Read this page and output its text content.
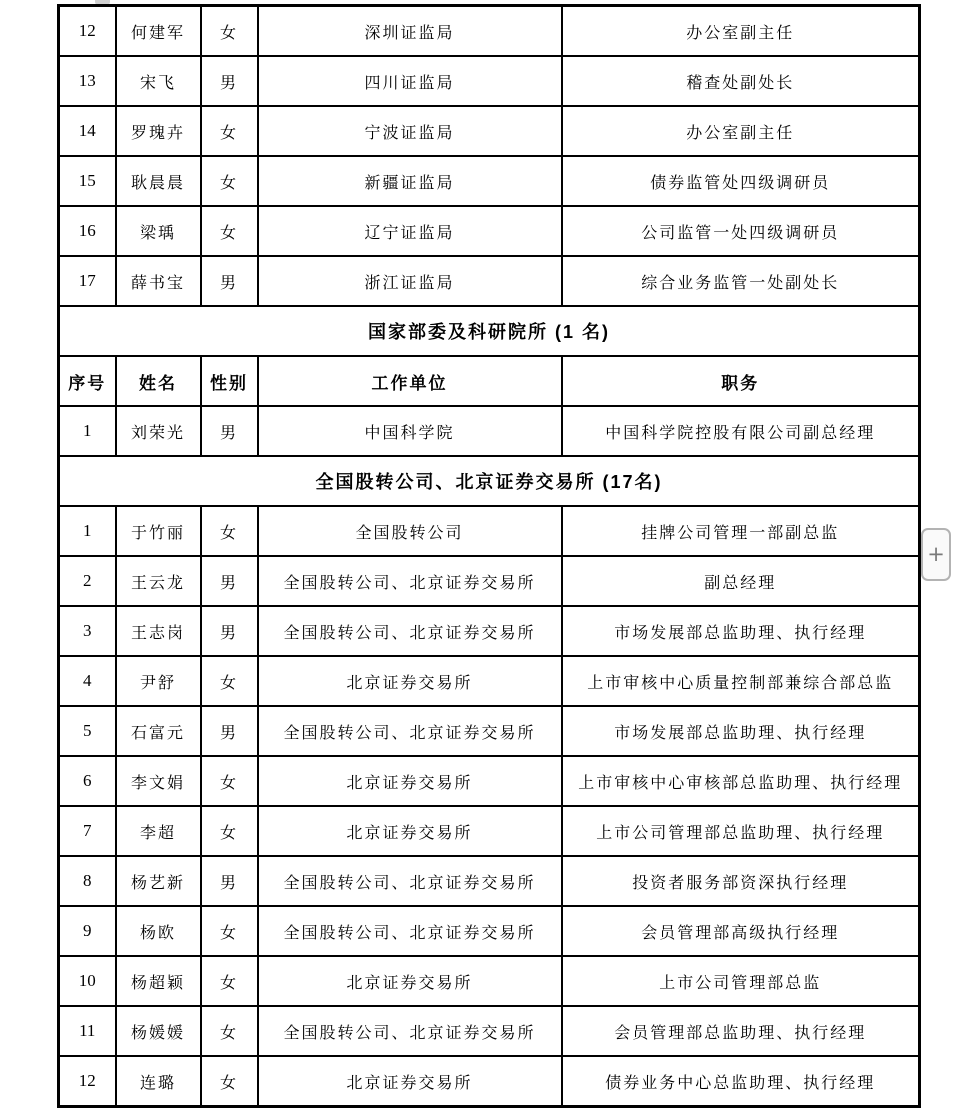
12	何建军	女	深圳证监局	办公室副主任
13	宋飞	男	四川证监局	稽查处副处长
14	罗瑰卉	女	宁波证监局	办公室副主任
15	耿晨晨	女	新疆证监局	债券监管处四级调研员
16	梁瑀	女	辽宁证监局	公司监管一处四级调研员
17	薛书宝	男	浙江证监局	综合业务监管一处副处长
国家部委及科研院所 (1 名)				
序号	姓名	性别	工作单位	职务
1	刘荣光	男	中国科学院	中国科学院控股有限公司副总经理
全国股转公司、北京证券交易所 (17名)				
1	于竹丽	女	全国股转公司	挂牌公司管理一部副总监
2	王云龙	男	全国股转公司、北京证券交易所	副总经理
3	王志岗	男	全国股转公司、北京证券交易所	市场发展部总监助理、执行经理
4	尹舒	女	北京证券交易所	上市审核中心质量控制部兼综合部总监
5	石富元	男	全国股转公司、北京证券交易所	市场发展部总监助理、执行经理
6	李文娟	女	北京证券交易所	上市审核中心审核部总监助理、执行经理
7	李超	女	北京证券交易所	上市公司管理部总监助理、执行经理
8	杨艺新	男	全国股转公司、北京证券交易所	投资者服务部资深执行经理
9	杨欧	女	全国股转公司、北京证券交易所	会员管理部高级执行经理
10	杨超颖	女	北京证券交易所	上市公司管理部总监
11	杨媛媛	女	全国股转公司、北京证券交易所	会员管理部总监助理、执行经理
12	连璐	女	北京证券交易所	债券业务中心总监助理、执行经理
+
